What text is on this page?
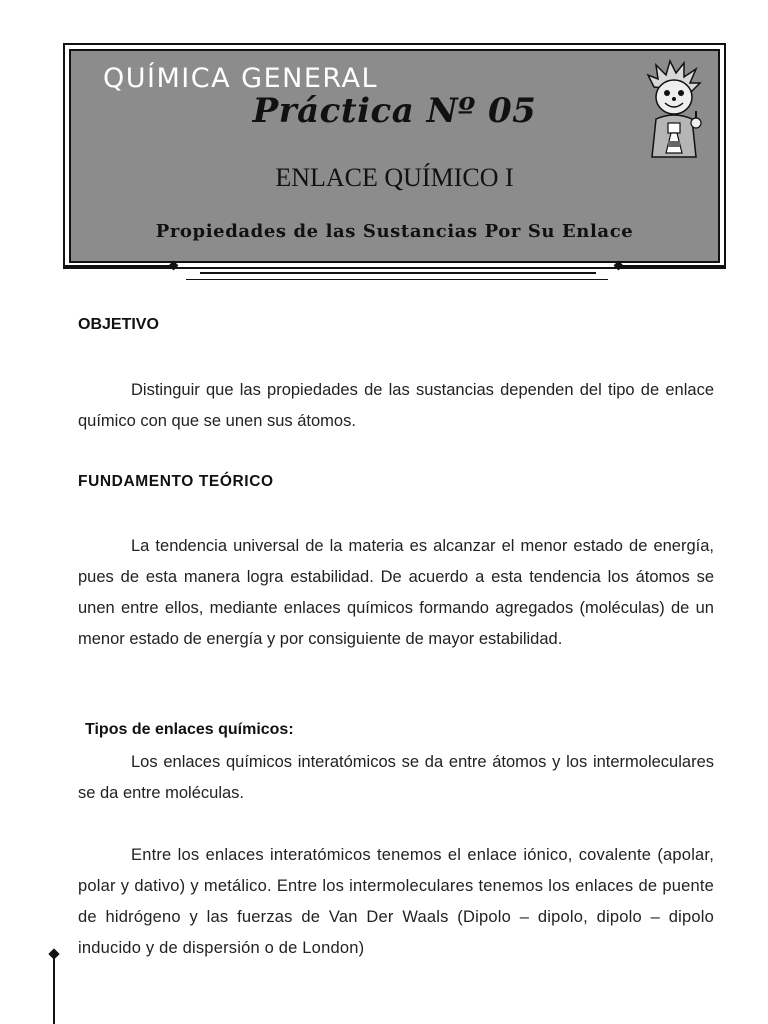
QUÍMICA GENERAL
Práctica Nº 05
ENLACE QUÍMICO I
Propiedades de las Sustancias Por Su Enlace
OBJETIVO

Distinguir que las propiedades de las sustancias dependen del tipo de enlace químico con que se unen sus átomos.

FUNDAMENTO TEÓRICO

La tendencia universal de la materia es alcanzar el menor estado de energía, pues de esta manera logra estabilidad. De acuerdo a esta tendencia los átomos se unen entre ellos, mediante enlaces químicos formando agregados (moléculas) de un menor estado de energía y por consiguiente de mayor estabilidad.

Tipos de enlaces químicos:

Los enlaces químicos interatómicos se da entre átomos y los intermoleculares se da entre moléculas.

Entre los enlaces interatómicos tenemos el enlace iónico, covalente (apolar, polar y dativo) y metálico. Entre los intermoleculares tenemos los enlaces de puente de hidrógeno y las fuerzas de Van Der Waals (Dipolo – dipolo, dipolo – dipolo inducido y de dispersión o de London)
